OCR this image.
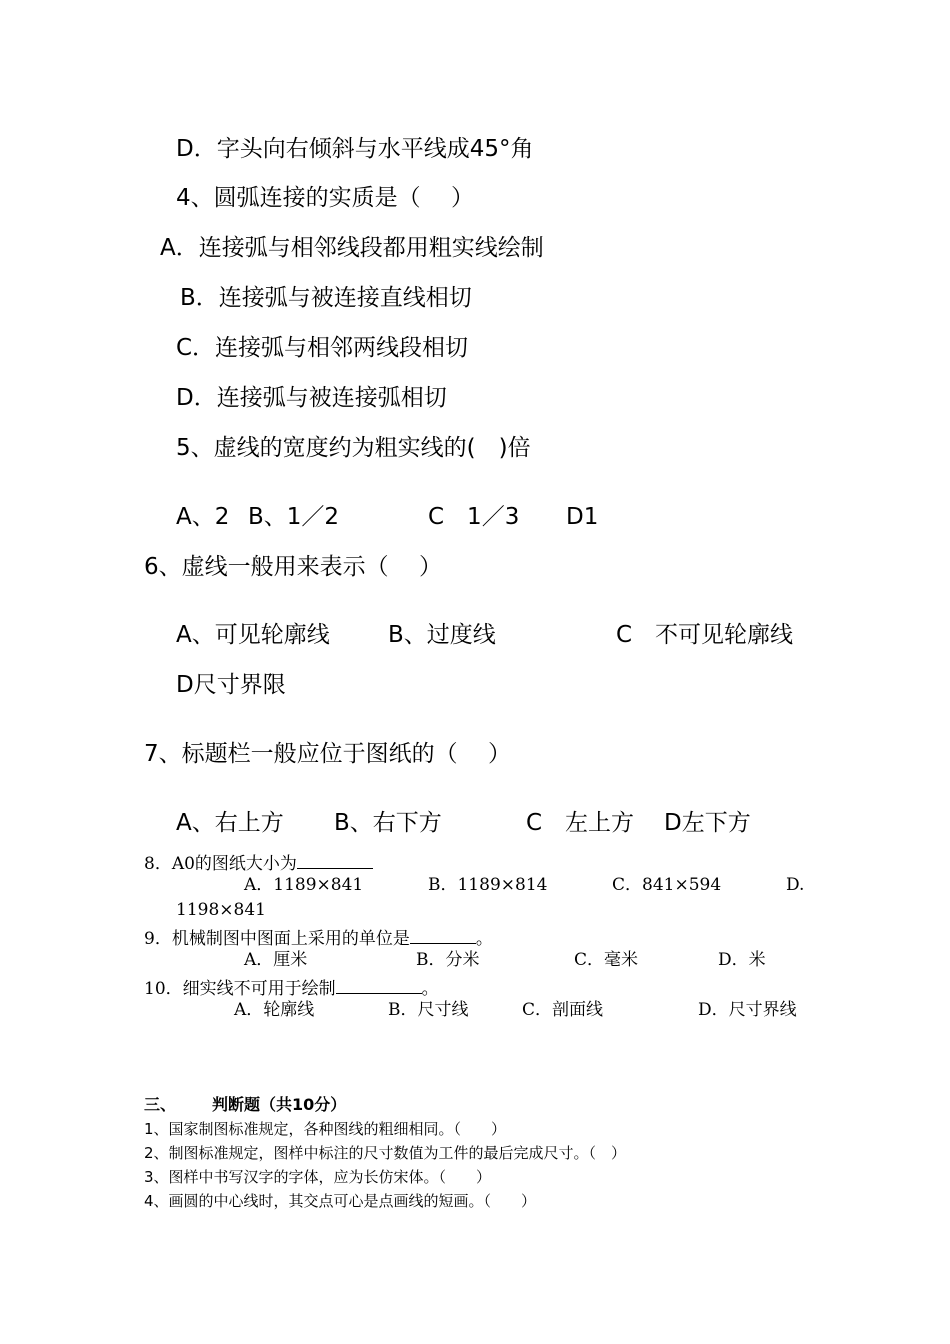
D．字头向右倾斜与水平线成45°角
4、圆弧连接的实质是（　 ）
A．连接弧与相邻线段都用粗实线绘制
B．连接弧与被连接直线相切
C．连接弧与相邻两线段相切
D．连接弧与被连接弧相切
5、虚线的宽度约为粗实线的(　)倍
A、2 B、1／2	C　1／3 D1
6、虚线一般用来表示（　 ）
A、可见轮廓线	B、过度线	C　不可见轮廓线
D尺寸界限
7、标题栏一般应位于图纸的（　 ）
A、右上方 B、右下方	C　左上方 D左下方
8．A0的图纸大小为
A．1189×841	B．1189×814	C．841×594	D.
1198×841
9．机械制图中图面上采用的单位是	。
A．厘米	B．分米	C．毫米	D．米
10．细实线不可用于绘制	。
A．轮廓线	B．尺寸线	C．剖面线	D．尺寸界线
三、 判断题（共10分）
1、国家制图标准规定，各种图线的粗细相同。（　　）
2、制图标准规定，图样中标注的尺寸数值为工件的最后完成尺寸。（　）
3、图样中书写汉字的字体，应为长仿宋体。（　　）
4、画圆的中心线时，其交点可心是点画线的短画。（　　）
